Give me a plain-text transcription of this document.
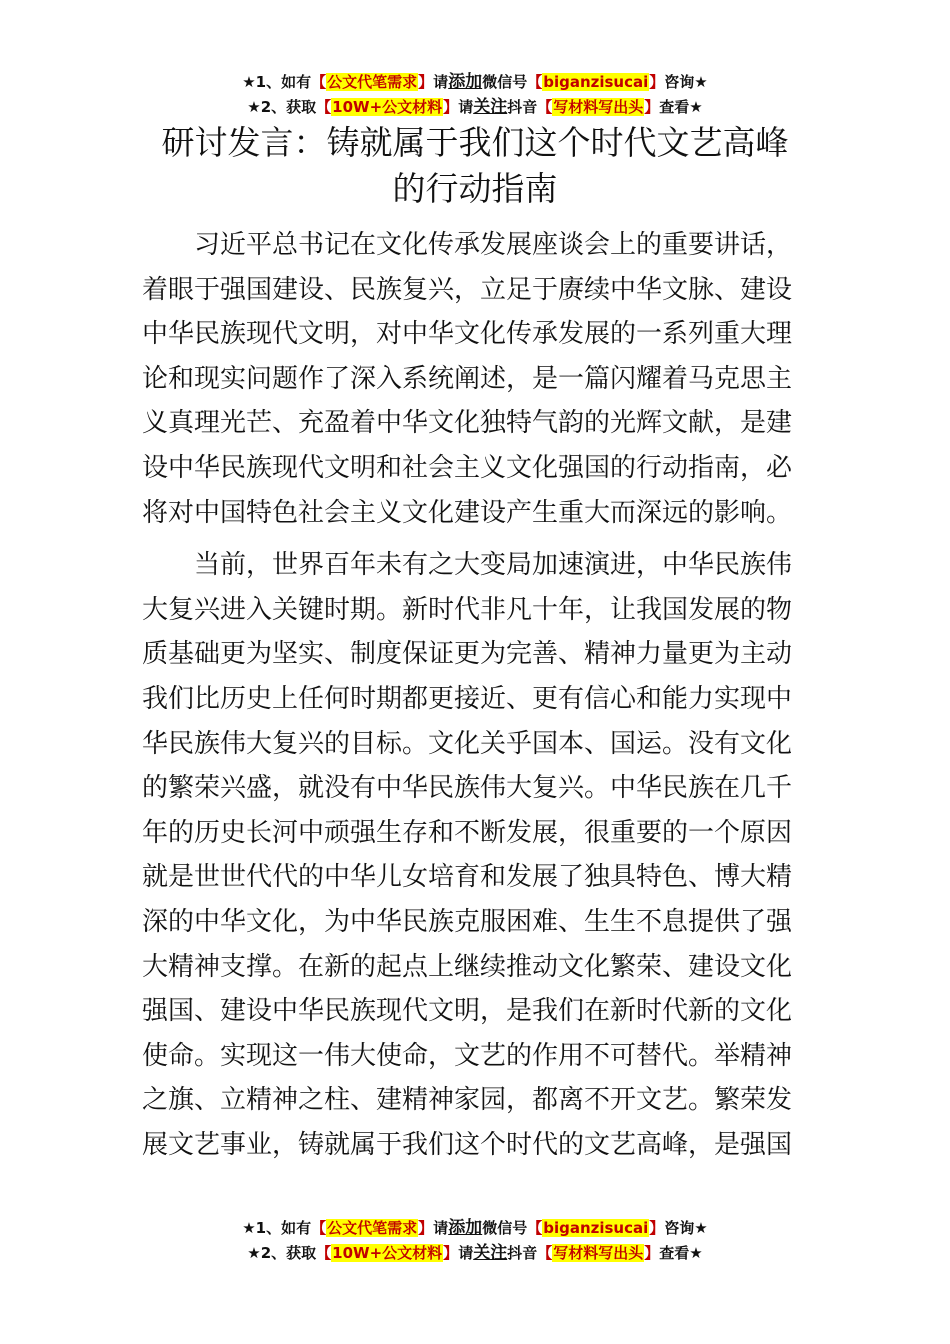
★1、如有【公文代笔需求】请添加微信号【biganzisucai】咨询★
★2、获取【10W+公文材料】请关注抖音【写材料写出头】查看★
研讨发言：铸就属于我们这个时代文艺高峰
的行动指南

　　习近平总书记在文化传承发展座谈会上的重要讲话，
着眼于强国建设、民族复兴，立足于赓续中华文脉、建设
中华民族现代文明，对中华文化传承发展的一系列重大理
论和现实问题作了深入系统阐述，是一篇闪耀着马克思主
义真理光芒、充盈着中华文化独特气韵的光辉文献，是建
设中华民族现代文明和社会主义文化强国的行动指南，必
将对中国特色社会主义文化建设产生重大而深远的影响。

　　当前，世界百年未有之大变局加速演进，中华民族伟
大复兴进入关键时期。新时代非凡十年，让我国发展的物
质基础更为坚实、制度保证更为完善、精神力量更为主动
我们比历史上任何时期都更接近、更有信心和能力实现中
华民族伟大复兴的目标。文化关乎国本、国运。没有文化
的繁荣兴盛，就没有中华民族伟大复兴。中华民族在几千
年的历史长河中顽强生存和不断发展，很重要的一个原因
就是世世代代的中华儿女培育和发展了独具特色、博大精
深的中华文化，为中华民族克服困难、生生不息提供了强
大精神支撑。在新的起点上继续推动文化繁荣、建设文化
强国、建设中华民族现代文明，是我们在新时代新的文化
使命。实现这一伟大使命，文艺的作用不可替代。举精神
之旗、立精神之柱、建精神家园，都离不开文艺。繁荣发
展文艺事业，铸就属于我们这个时代的文艺高峰，是强国

★1、如有【公文代笔需求】请添加微信号【biganzisucai】咨询★
★2、获取【10W+公文材料】请关注抖音【写材料写出头】查看★
